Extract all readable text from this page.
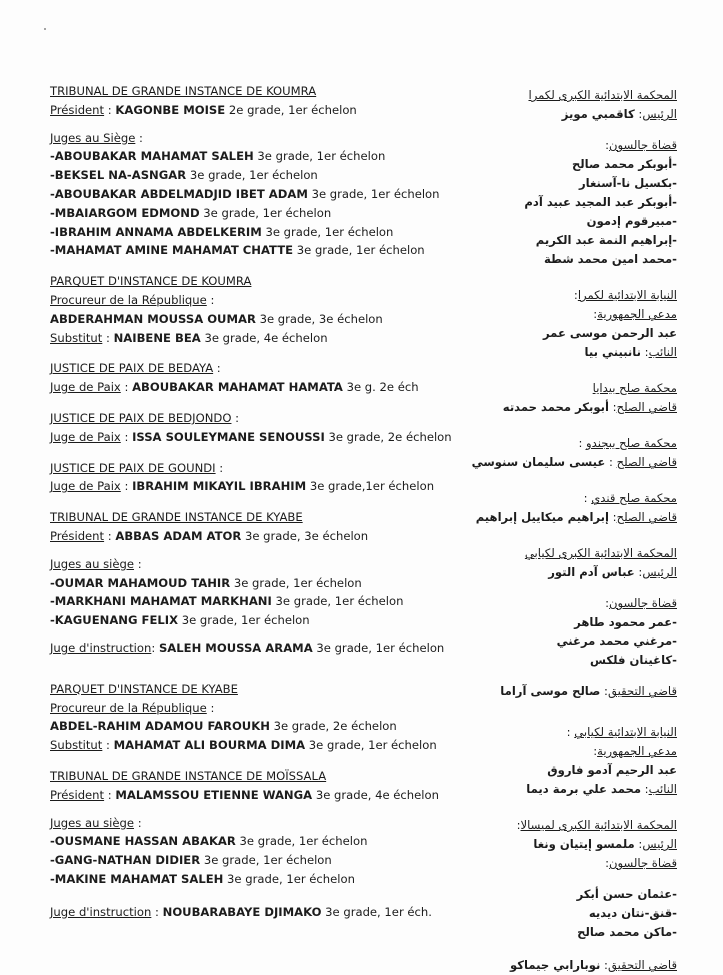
TRIBUNAL DE GRANDE INSTANCE DE KOUMRA
Président : KAGONBE MOISE 2e grade, 1er échelon
Juges au Siège :
-ABOUBAKAR MAHAMAT SALEH 3e grade, 1er échelon
-BEKSEL NA-ASNGAR 3e grade, 1er échelon
-ABOUBAKAR ABDELMADJID IBET ADAM 3e grade, 1er échelon
-MBAIARGOM EDMOND 3e grade, 1er échelon
-IBRAHIM ANNAMA ABDELKERIM 3e grade, 1er échelon
-MAHAMAT AMINE MAHAMAT CHATTE 3e grade, 1er échelon
PARQUET D'INSTANCE DE KOUMRA
Procureur de la République :
ABDERAHMAN MOUSSA OUMAR 3e grade, 3e échelon
Substitut : NAIBENE BEA 3e grade, 4e échelon
JUSTICE DE PAIX DE BEDAYA :
Juge de Paix : ABOUBAKAR MAHAMAT HAMATA 3e g. 2e éch
JUSTICE DE PAIX DE BEDJONDO :
Juge de Paix : ISSA SOULEYMANE SENOUSSI 3e grade, 2e échelon
JUSTICE DE PAIX DE GOUNDI :
Juge de Paix : IBRAHIM MIKAYIL IBRAHIM 3e grade,1er échelon
TRIBUNAL DE GRANDE INSTANCE DE KYABE
Président : ABBAS ADAM ATOR 3e grade, 3e échelon
Juges au siège :
-OUMAR MAHAMOUD TAHIR 3e grade, 1er échelon
-MARKHANI MAHAMAT MARKHANI 3e grade, 1er échelon
-KAGUENANG FELIX 3e grade, 1er échelon
Juge d'instruction: SALEH MOUSSA ARAMA 3e grade, 1er échelon
PARQUET D'INSTANCE DE KYABE
Procureur de la République :
ABDEL-RAHIM ADAMOU FAROUKH 3e grade, 2e échelon
Substitut : MAHAMAT ALI BOURMA DIMA 3e grade, 1er échelon
TRIBUNAL DE GRANDE INSTANCE DE MOÏSSALA
Président : MALAMSSOU ETIENNE WANGA 3e grade, 4e échelon
Juges au siège :
-OUSMANE HASSAN ABAKAR 3e grade, 1er échelon
-GANG-NATHAN DIDIER 3e grade, 1er échelon
-MAKINE MAHAMAT SALEH 3e grade, 1er échelon
Juge d'instruction : NOUBARABAYE DJIMAKO 3e grade, 1er éch.
المحكمة الابتدائية الكبرى لكمرا
الرئيس: كاقمبي مويز
قضاة جالسون:
-أبوبكر محمد صالح
-بكسيل نا-آسنغار
-أبوبكر عبد المجيد عبيد آدم
-مبيرقوم إدمون
-إبراهيم النمة عبد الكريم
-محمد امين محمد شطة
النيابة الابتدائية لكمرا:
مدعي الجمهورية:
عبد الرحمن موسى عمر
النائب: نانبيني بيا
محكمة صلح بيدايا
قاضي الصلح: أبوبكر محمد حمدته
محكمة صلح ببجندو :
قاضي الصلح : عيسى سليمان سنوسي
محكمة صلح قندي :
قاضي الصلح: إبراهيم ميكاييل إبراهيم
المحكمة الابتدائية الكبرى لكيابي
الرئيس: عباس آدم التور
قضاة جالسون:
-عمر محمود طاهر
-مرغني محمد مرغني
-كاغينان فلكس
قاضي التحقيق: صالح موسى آراما
النيابة الابتدائية لكيابي :
مدعي الجمهورية:
عبد الرحيم آدمو فاروق
النائب: محمد علي برمة ديما
المحكمة الابتدائية الكبرى لميسالا:
الرئيس: ملمسو إيتيان ونغا
قضاة جالسون:
-عثمان حسن أبكر
-قنق-نتان ديديه
-ماكن محمد صالح
قاضي التحقيق: نوبارابي جيماكو
